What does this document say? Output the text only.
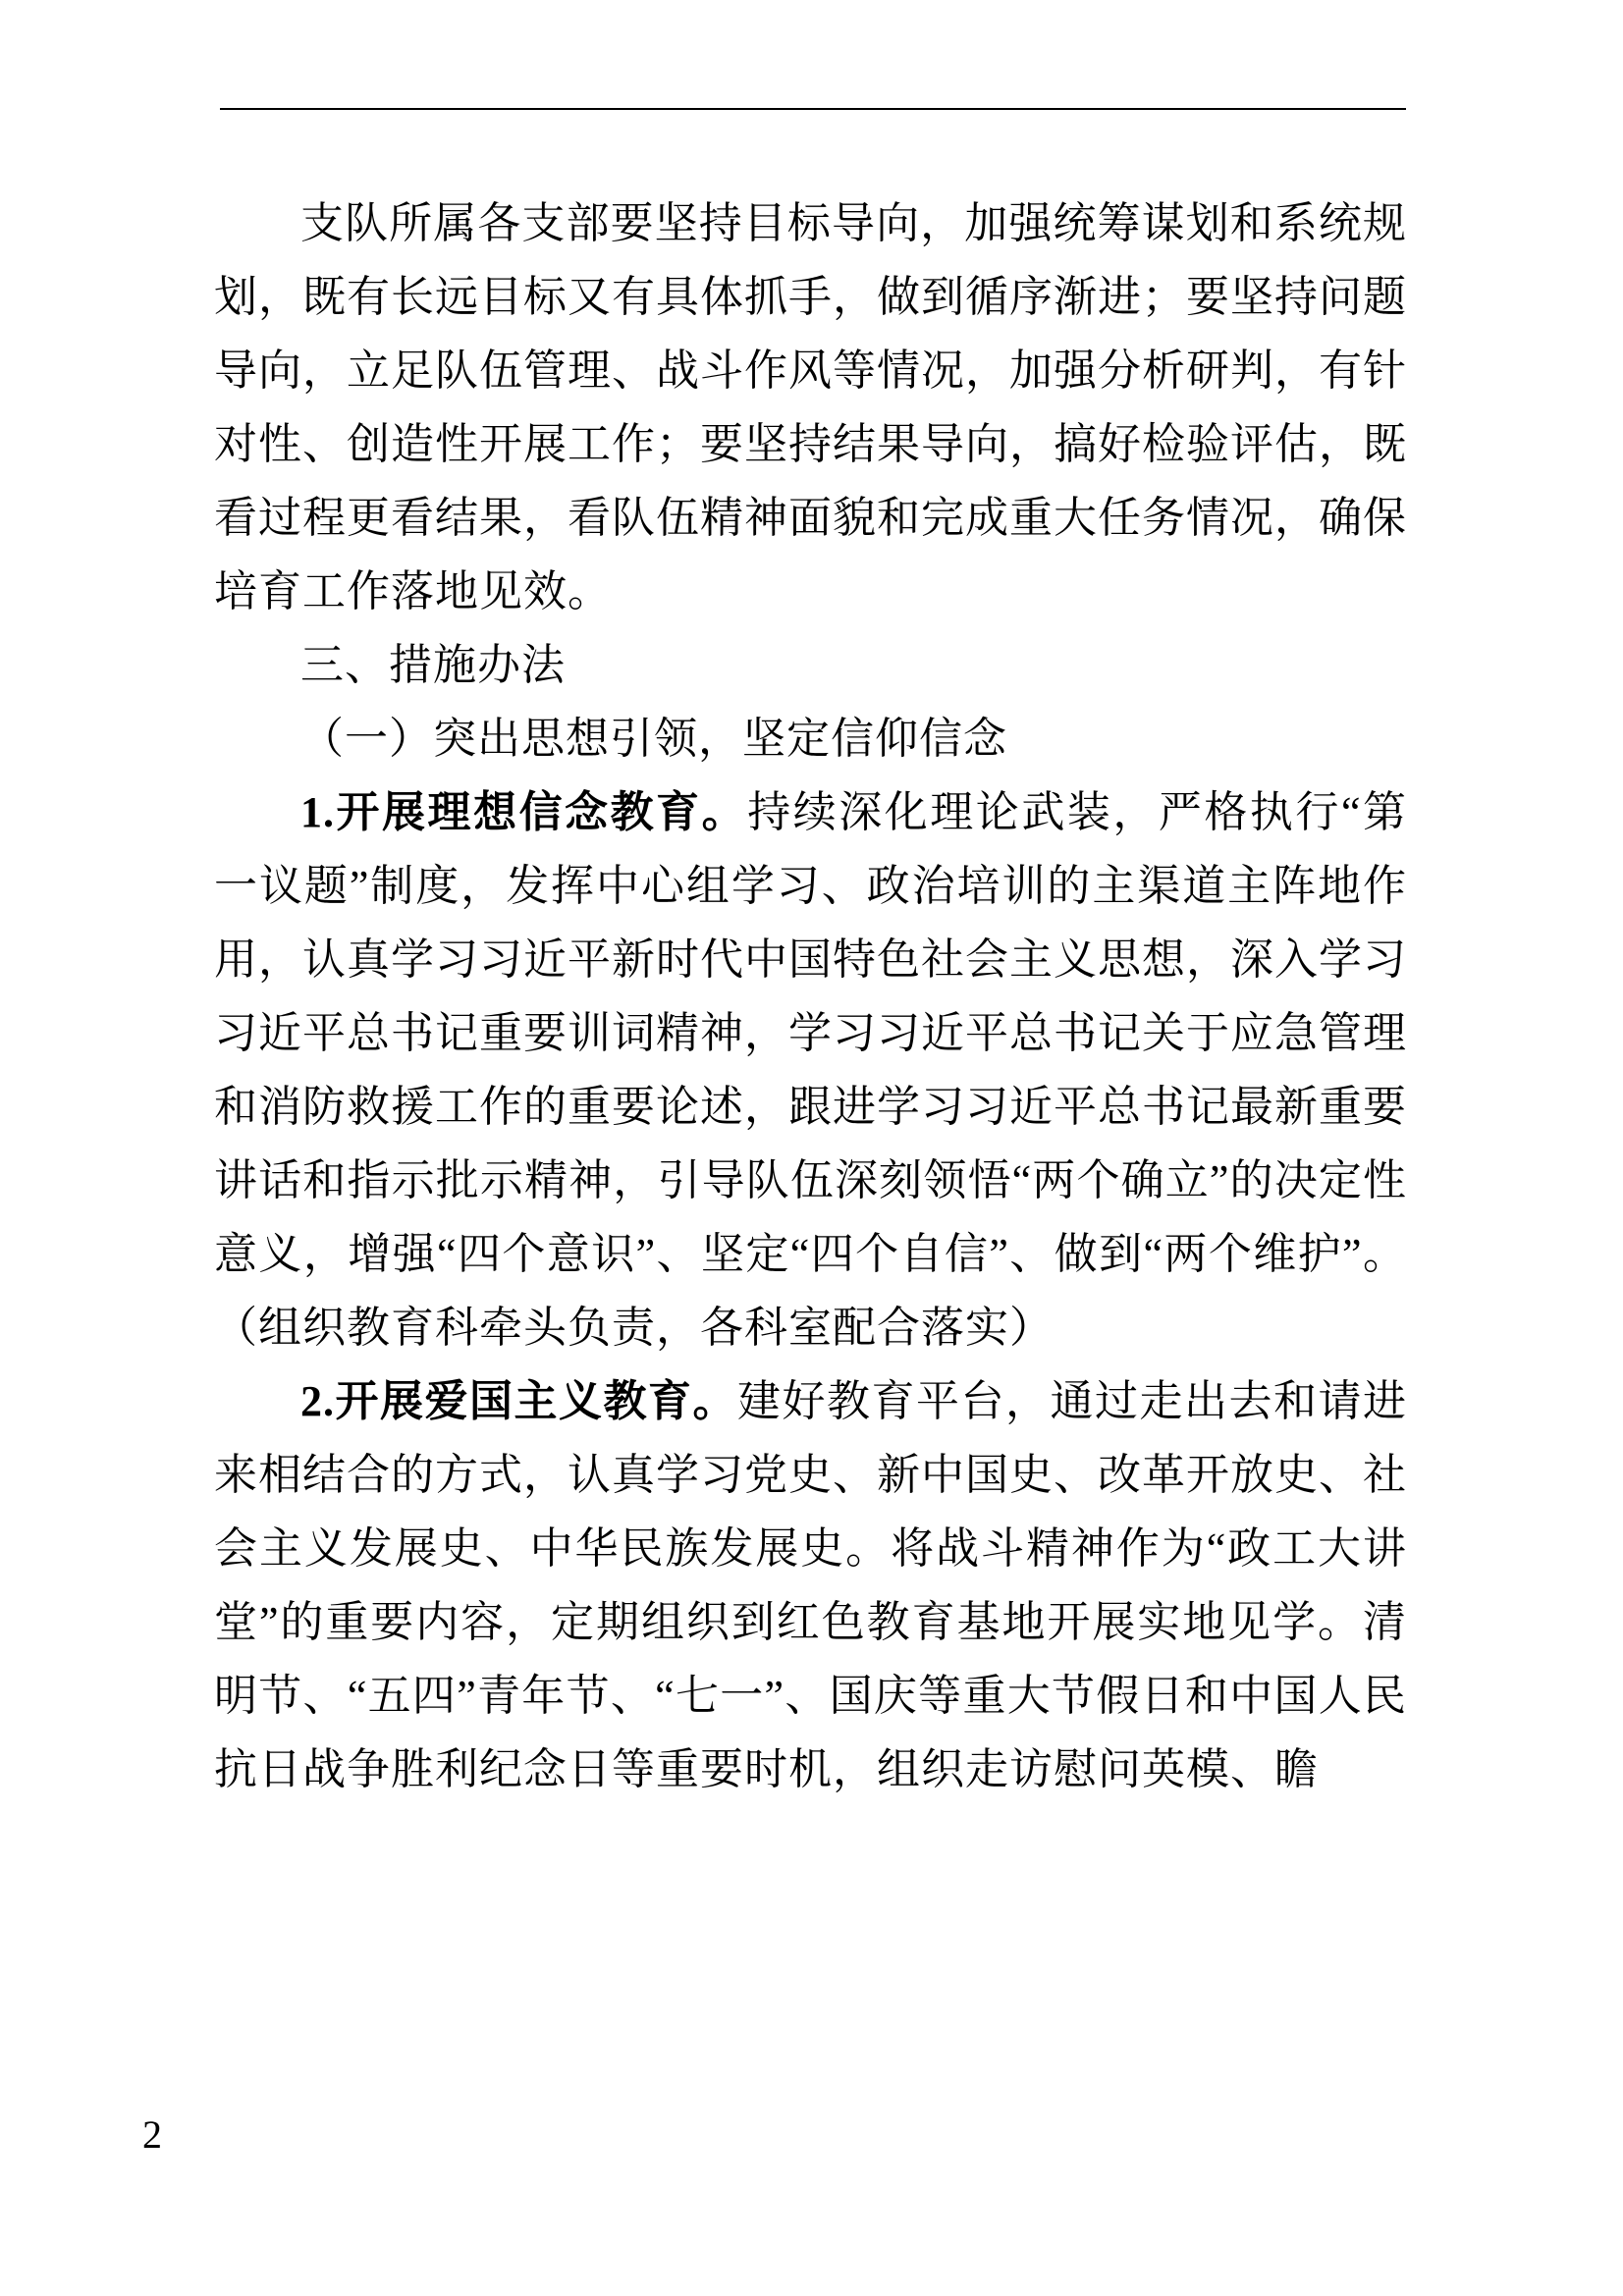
支队所属各支部要坚持目标导向，加强统筹谋划和系统规划，既有长远目标又有具体抓手，做到循序渐进；要坚持问题导向，立足队伍管理、战斗作风等情况，加强分析研判，有针对性、创造性开展工作；要坚持结果导向，搞好检验评估，既看过程更看结果，看队伍精神面貌和完成重大任务情况，确保培育工作落地见效。

三、措施办法

（一）突出思想引领，坚定信仰信念

1.开展理想信念教育。持续深化理论武装，严格执行“第一议题”制度，发挥中心组学习、政治培训的主渠道主阵地作用，认真学习习近平新时代中国特色社会主义思想，深入学习习近平总书记重要训词精神，学习习近平总书记关于应急管理和消防救援工作的重要论述，跟进学习习近平总书记最新重要讲话和指示批示精神，引导队伍深刻领悟“两个确立”的决定性意义，增强“四个意识”、坚定“四个自信”、做到“两个维护”。（组织教育科牵头负责，各科室配合落实）

2.开展爱国主义教育。建好教育平台，通过走出去和请进来相结合的方式，认真学习党史、新中国史、改革开放史、社会主义发展史、中华民族发展史。将战斗精神作为“政工大讲堂”的重要内容，定期组织到红色教育基地开展实地见学。清明节、“五四”青年节、“七一”、国庆等重大节假日和中国人民抗日战争胜利纪念日等重要时机，组织走访慰问英模、瞻

2
